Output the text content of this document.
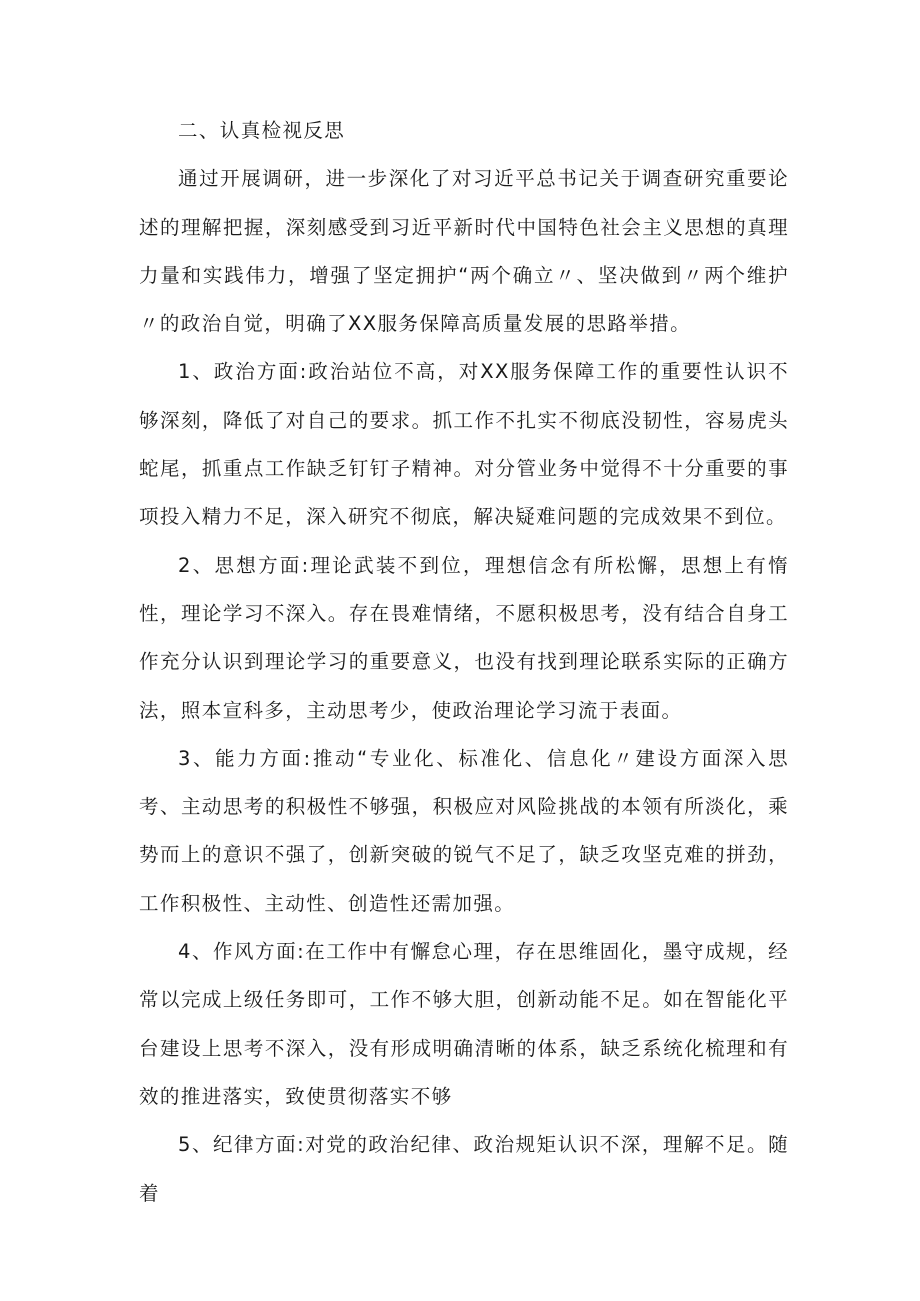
二、认真检视反思

通过开展调研，进一步深化了对习近平总书记关于调查研究重要论述的理解把握，深刻感受到习近平新时代中国特色社会主义思想的真理力量和实践伟力，增强了坚定拥护“两个确立〃、坚决做到〃两个维护〃的政治自觉，明确了XX服务保障高质量发展的思路举措。

1、政治方面:政治站位不高，对XX服务保障工作的重要性认识不够深刻，降低了对自己的要求。抓工作不扎实不彻底没韧性，容易虎头蛇尾，抓重点工作缺乏钉钉子精神。对分管业务中觉得不十分重要的事项投入精力不足，深入研究不彻底，解决疑难问题的完成效果不到位。

2、思想方面:理论武装不到位，理想信念有所松懈，思想上有惰性，理论学习不深入。存在畏难情绪，不愿积极思考，没有结合自身工作充分认识到理论学习的重要意义，也没有找到理论联系实际的正确方法，照本宣科多，主动思考少，使政治理论学习流于表面。

3、能力方面:推动“专业化、标准化、信息化〃建设方面深入思考、主动思考的积极性不够强，积极应对风险挑战的本领有所淡化，乘势而上的意识不强了，创新突破的锐气不足了，缺乏攻坚克难的拼劲，工作积极性、主动性、创造性还需加强。

4、作风方面:在工作中有懈怠心理，存在思维固化，墨守成规，经常以完成上级任务即可，工作不够大胆，创新动能不足。如在智能化平台建设上思考不深入，没有形成明确清晰的体系，缺乏系统化梳理和有效的推进落实，致使贯彻落实不够

5、纪律方面:对党的政治纪律、政治规矩认识不深，理解不足。随着
